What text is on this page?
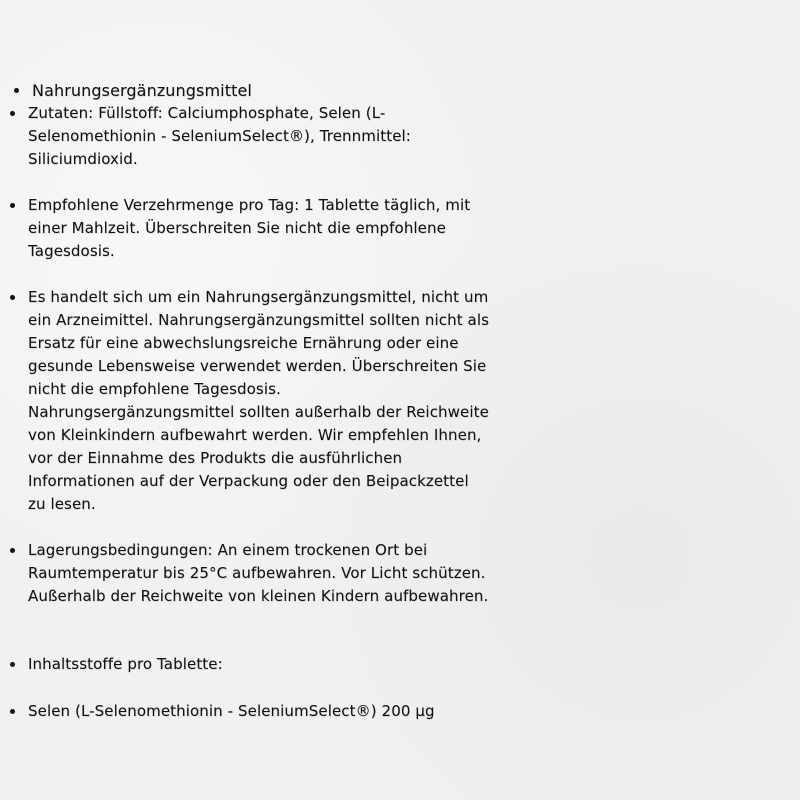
Nahrungsergänzungsmittel
Zutaten: Füllstoff: Calciumphosphate, Selen (L-
Selenomethionin - SeleniumSelect®), Trennmittel:
Siliciumdioxid.
Empfohlene Verzehrmenge pro Tag: 1 Tablette täglich, mit
einer Mahlzeit. Überschreiten Sie nicht die empfohlene
Tagesdosis.
Es handelt sich um ein Nahrungsergänzungsmittel, nicht um
ein Arzneimittel. Nahrungsergänzungsmittel sollten nicht als
Ersatz für eine abwechslungsreiche Ernährung oder eine
gesunde Lebensweise verwendet werden. Überschreiten Sie
nicht die empfohlene Tagesdosis.
Nahrungsergänzungsmittel sollten außerhalb der Reichweite
von Kleinkindern aufbewahrt werden. Wir empfehlen Ihnen,
vor der Einnahme des Produkts die ausführlichen
Informationen auf der Verpackung oder den Beipackzettel
zu lesen.
Lagerungsbedingungen: An einem trockenen Ort bei
Raumtemperatur bis 25°C aufbewahren. Vor Licht schützen.
Außerhalb der Reichweite von kleinen Kindern aufbewahren.
Inhaltsstoffe pro Tablette:
Selen (L-Selenomethionin - SeleniumSelect®) 200 μg
